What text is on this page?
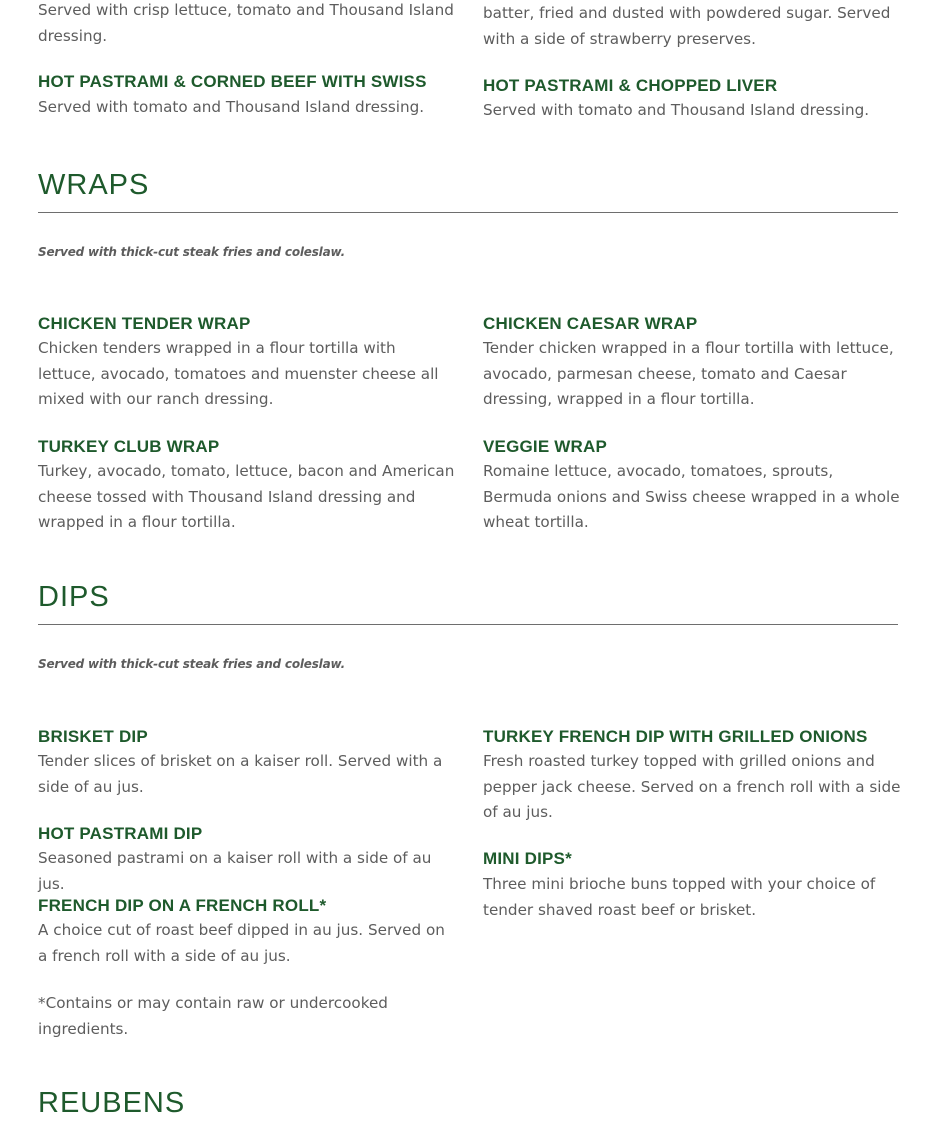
Served with crisp lettuce, tomato and Thousand Island dressing.
batter, fried and dusted with powdered sugar. Served with a side of strawberry preserves.
HOT PASTRAMI & CORNED BEEF WITH SWISS
Served with tomato and Thousand Island dressing.
HOT PASTRAMI & CHOPPED LIVER
Served with tomato and Thousand Island dressing.
WRAPS
Served with thick-cut steak fries and coleslaw.
CHICKEN TENDER WRAP
Chicken tenders wrapped in a flour tortilla with lettuce, avocado, tomatoes and muenster cheese all mixed with our ranch dressing.
CHICKEN CAESAR WRAP
Tender chicken wrapped in a flour tortilla with lettuce, avocado, parmesan cheese, tomato and Caesar dressing, wrapped in a flour tortilla.
TURKEY CLUB WRAP
Turkey, avocado, tomato, lettuce, bacon and American cheese tossed with Thousand Island dressing and wrapped in a flour tortilla.
VEGGIE WRAP
Romaine lettuce, avocado, tomatoes, sprouts, Bermuda onions and Swiss cheese wrapped in a whole wheat tortilla.
DIPS
Served with thick-cut steak fries and coleslaw.
BRISKET DIP
Tender slices of brisket on a kaiser roll. Served with a side of au jus.
TURKEY FRENCH DIP WITH GRILLED ONIONS
Fresh roasted turkey topped with grilled onions and pepper jack cheese. Served on a french roll with a side of au jus.
HOT PASTRAMI DIP
Seasoned pastrami on a kaiser roll with a side of au jus.
MINI DIPS*
Three mini brioche buns topped with your choice of tender shaved roast beef or brisket.
FRENCH DIP ON A FRENCH ROLL*
A choice cut of roast beef dipped in au jus. Served on a french roll with a side of au jus.
*Contains or may contain raw or undercooked ingredients.
REUBENS
